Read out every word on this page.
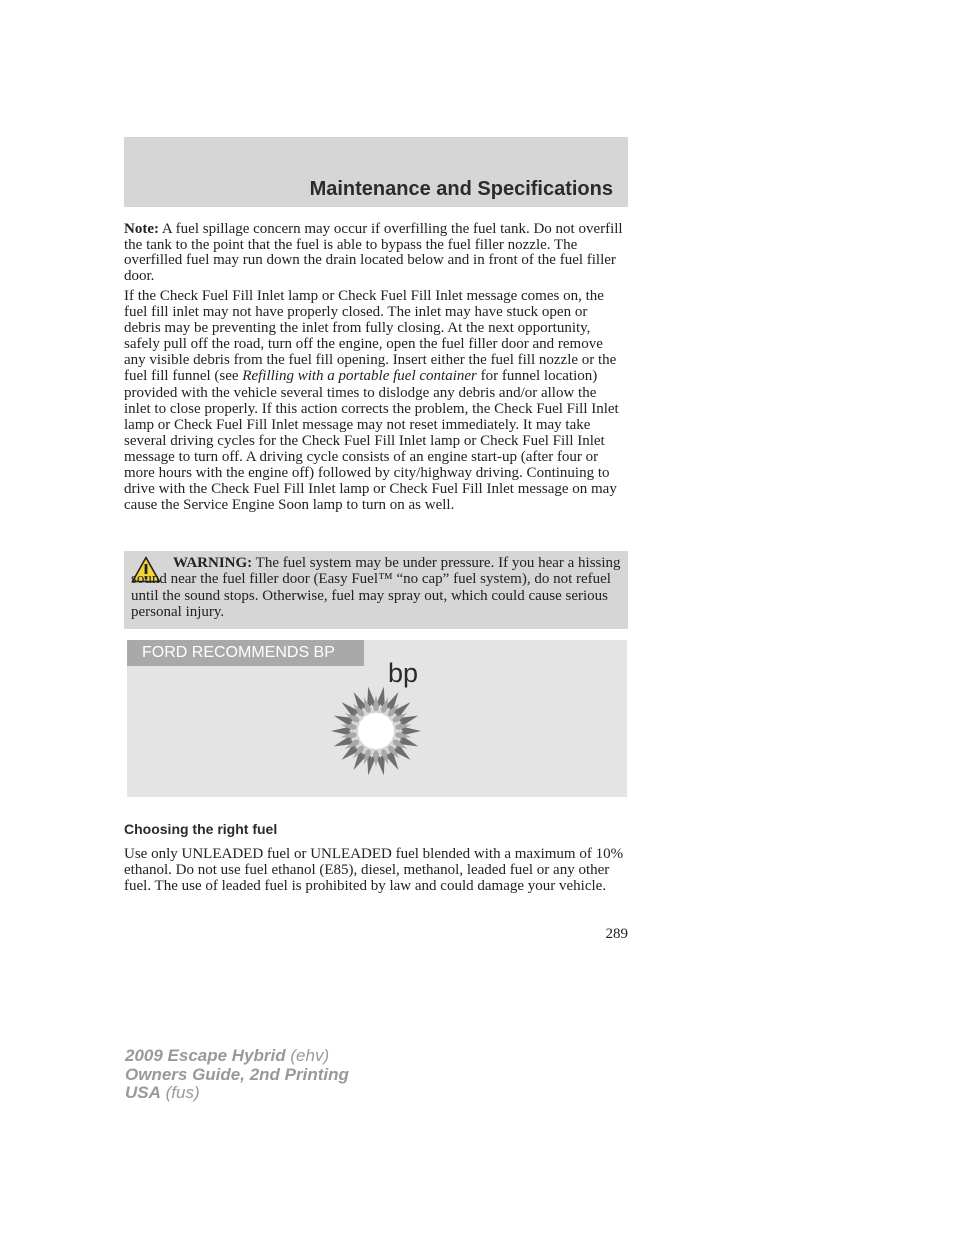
Maintenance and Specifications

Note: A fuel spillage concern may occur if overfilling the fuel tank. Do not overfill the tank to the point that the fuel is able to bypass the fuel filler nozzle. The overfilled fuel may run down the drain located below and in front of the fuel filler door.

If the Check Fuel Fill Inlet lamp or Check Fuel Fill Inlet message comes on, the fuel fill inlet may not have properly closed. The inlet may have stuck open or debris may be preventing the inlet from fully closing. At the next opportunity, safely pull off the road, turn off the engine, open the fuel filler door and remove any visible debris from the fuel fill opening. Insert either the fuel fill nozzle or the fuel fill funnel (see Refilling with a portable fuel container for funnel location) provided with the vehicle several times to dislodge any debris and/or allow the inlet to close properly. If this action corrects the problem, the Check Fuel Fill Inlet lamp or Check Fuel Fill Inlet message may not reset immediately. It may take several driving cycles for the Check Fuel Fill Inlet lamp or Check Fuel Fill Inlet message to turn off. A driving cycle consists of an engine start-up (after four or more hours with the engine off) followed by city/highway driving. Continuing to drive with the Check Fuel Fill Inlet lamp or Check Fuel Fill Inlet message on may cause the Service Engine Soon lamp to turn on as well.

WARNING: The fuel system may be under pressure. If you hear a hissing sound near the fuel filler door (Easy Fuel™ “no cap” fuel system), do not refuel until the sound stops. Otherwise, fuel may spray out, which could cause serious personal injury.

FORD RECOMMENDS BP
bp
Choosing the right fuel

Use only UNLEADED fuel or UNLEADED fuel blended with a maximum of 10% ethanol. Do not use fuel ethanol (E85), diesel, methanol, leaded fuel or any other fuel. The use of leaded fuel is prohibited by law and could damage your vehicle.

289
2009 Escape Hybrid (ehv)
Owners Guide, 2nd Printing
USA (fus)
